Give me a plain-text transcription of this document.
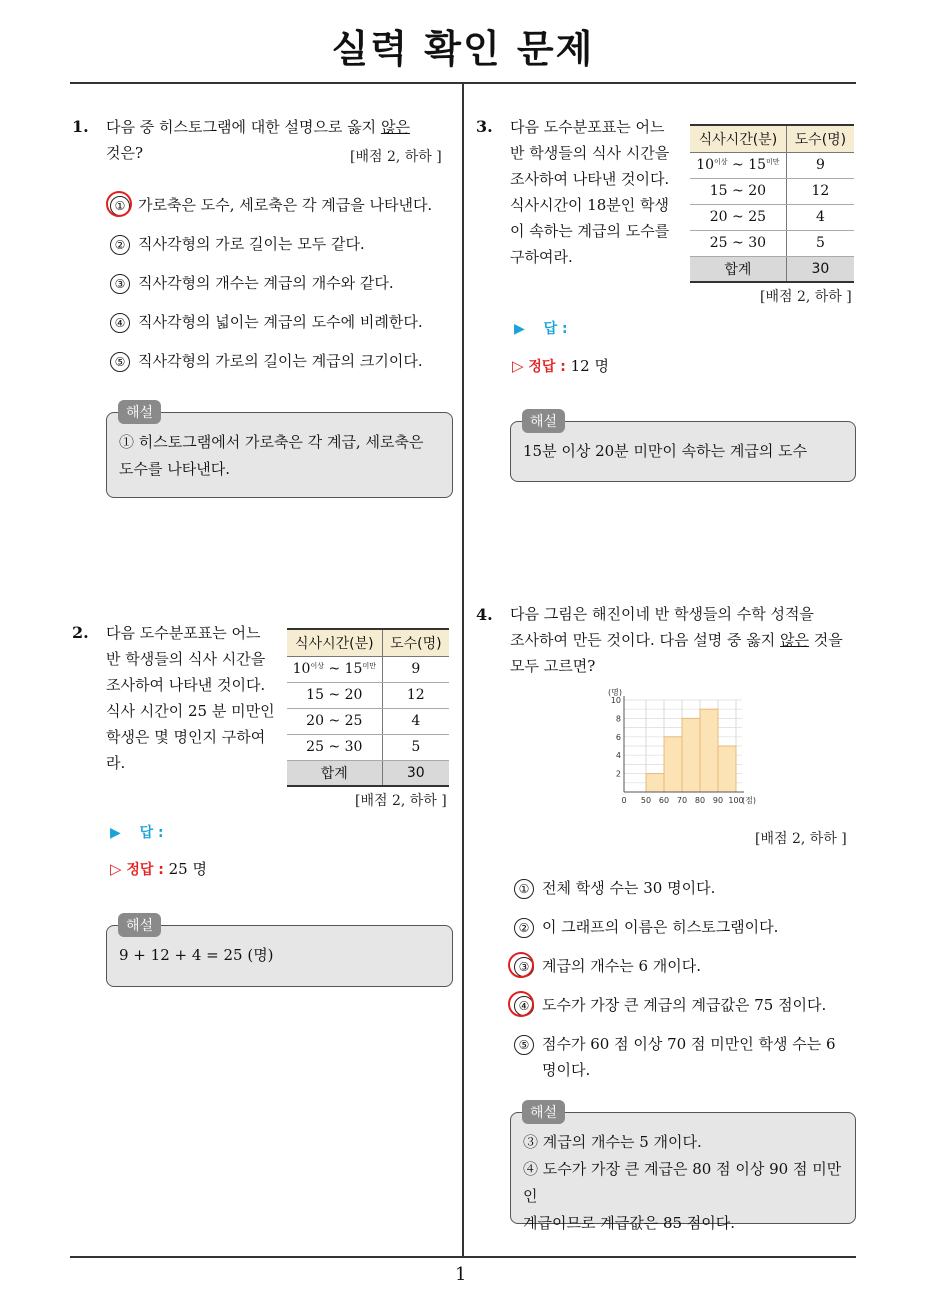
실력 확인 문제
1
1. 다음 중 히스토그램에 대한 설명으로 옳지 않은
것은?	[배점 2, 하하 ]
① 가로축은 도수, 세로축은 각 계급을 나타낸다.
② 직사각형의 가로 길이는 모두 같다.
③ 직사각형의 개수는 계급의 개수와 같다.
④ 직사각형의 넓이는 계급의 도수에 비례한다.
⑤ 직사각형의 가로의 길이는 계급의 크기이다.
① 히스토그램에서 가로축은 각 계급, 세로축은
도수를 나타낸다.
해설
2. 다음 도수분포표는 어느
반 학생들의 식사 시간을
조사하여 나타낸 것이다.
식사 시간이 25 분 미만인
학생은 몇 명인지 구하여
라.
식사시간(분)	도수(명)
$10^{이상}$ ~ $15^{미만}$	9
15 ~ 20	12
20 ~ 25	4
25 ~ 30	5
합계	30
[배점 2, 하하 ]
▶ 답 :
▷ 정답 : 25 명
9 + 12 + 4 = 25 (명)
해설
3. 다음 도수분포표는 어느
반 학생들의 식사 시간을
조사하여 나타낸 것이다.
식사시간이 18분인 학생
이 속하는 계급의 도수를
구하여라.
식사시간(분)	도수(명)
$10^{이상}$ ~ $15^{미만}$	9
15 ~ 20	12
20 ~ 25	4
25 ~ 30	5
합계	30
[배점 2, 하하 ]
▶ 답 :
▷ 정답 : 12 명
15분 이상 20분 미만이 속하는 계급의 도수
해설
4. 다음 그림은 해진이네 반 학생들의 수학 성적을
조사하여 만든 것이다. 다음 설명 중 옳지 않은 것을
모두 고르면?
2
4
6
8
10
(명)
0 50 60 70 80 90 100
(점)
[배점 2, 하하 ]
① 전체 학생 수는 30 명이다.
② 이 그래프의 이름은 히스토그램이다.
③ 계급의 개수는 6 개이다.
④ 도수가 가장 큰 계급의 계급값은 75 점이다.
⑤ 점수가 60 점 이상 70 점 미만인 학생 수는 6
명이다.
③ 계급의 개수는 5 개이다.
④ 도수가 가장 큰 계급은 80 점 이상 90 점 미만인
계급이므로 계급값은 85 점이다.
해설
